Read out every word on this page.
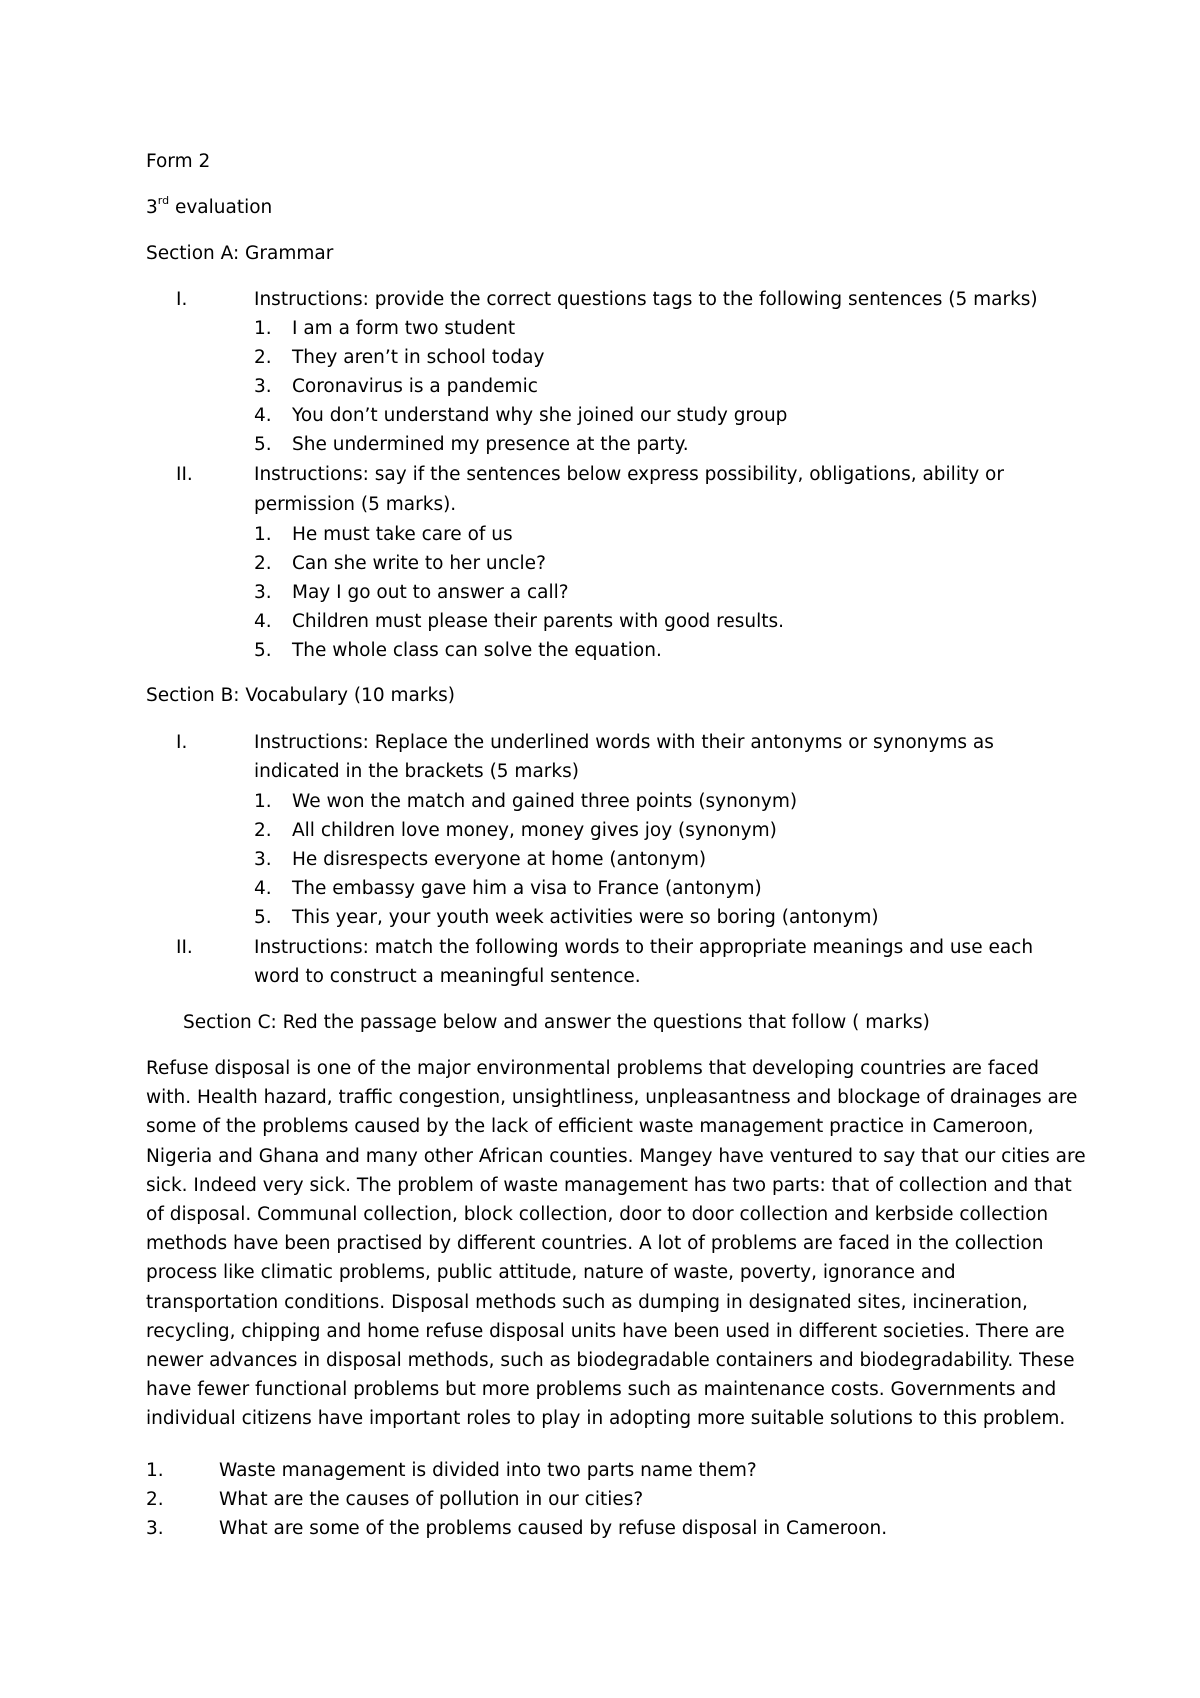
Form 2
3rd evaluation
Section A: Grammar
I.	Instructions: provide the correct questions tags to the following sentences (5 marks)
1.	I am a form two student
2.	They aren’t in school today
3.	Coronavirus is a pandemic
4.	You don’t understand why she joined our study group
5.	She undermined my presence at the party.
II.	Instructions: say if the sentences below express possibility, obligations, ability or
permission (5 marks).
1.	He must take care of us
2.	Can she write to her uncle?
3.	May I go out to answer a call?
4.	Children must please their parents with good results.
5.	The whole class can solve the equation.
Section B: Vocabulary (10 marks)
I.	Instructions: Replace the underlined words with their antonyms or synonyms as
indicated in the brackets (5 marks)
1.	We won the match and gained three points (synonym)
2.	All children love money, money gives joy (synonym)
3.	He disrespects everyone at home (antonym)
4.	The embassy gave him a visa to France (antonym)
5.	This year, your youth week activities were so boring (antonym)
II.	Instructions: match the following words to their appropriate meanings and use each
word to construct a meaningful sentence.
Section C: Red the passage below and answer the questions that follow ( marks)
Refuse disposal is one of the major environmental problems that developing countries are faced
with. Health hazard, traffic congestion, unsightliness, unpleasantness and blockage of drainages are
some of the problems caused by the lack of efficient waste management practice in Cameroon,
Nigeria and Ghana and many other African counties. Mangey have ventured to say that our cities are
sick. Indeed very sick. The problem of waste management has two parts: that of collection and that
of disposal. Communal collection, block collection, door to door collection and kerbside collection
methods have been practised by different countries. A lot of problems are faced in the collection
process like climatic problems, public attitude, nature of waste, poverty, ignorance and
transportation conditions. Disposal methods such as dumping in designated sites, incineration,
recycling, chipping and home refuse disposal units have been used in different societies. There are
newer advances in disposal methods, such as biodegradable containers and biodegradability. These
have fewer functional problems but more problems such as maintenance costs. Governments and
individual citizens have important roles to play in adopting more suitable solutions to this problem.
1.	Waste management is divided into two parts name them?
2.	What are the causes of pollution in our cities?
3.	What are some of the problems caused by refuse disposal in Cameroon.
